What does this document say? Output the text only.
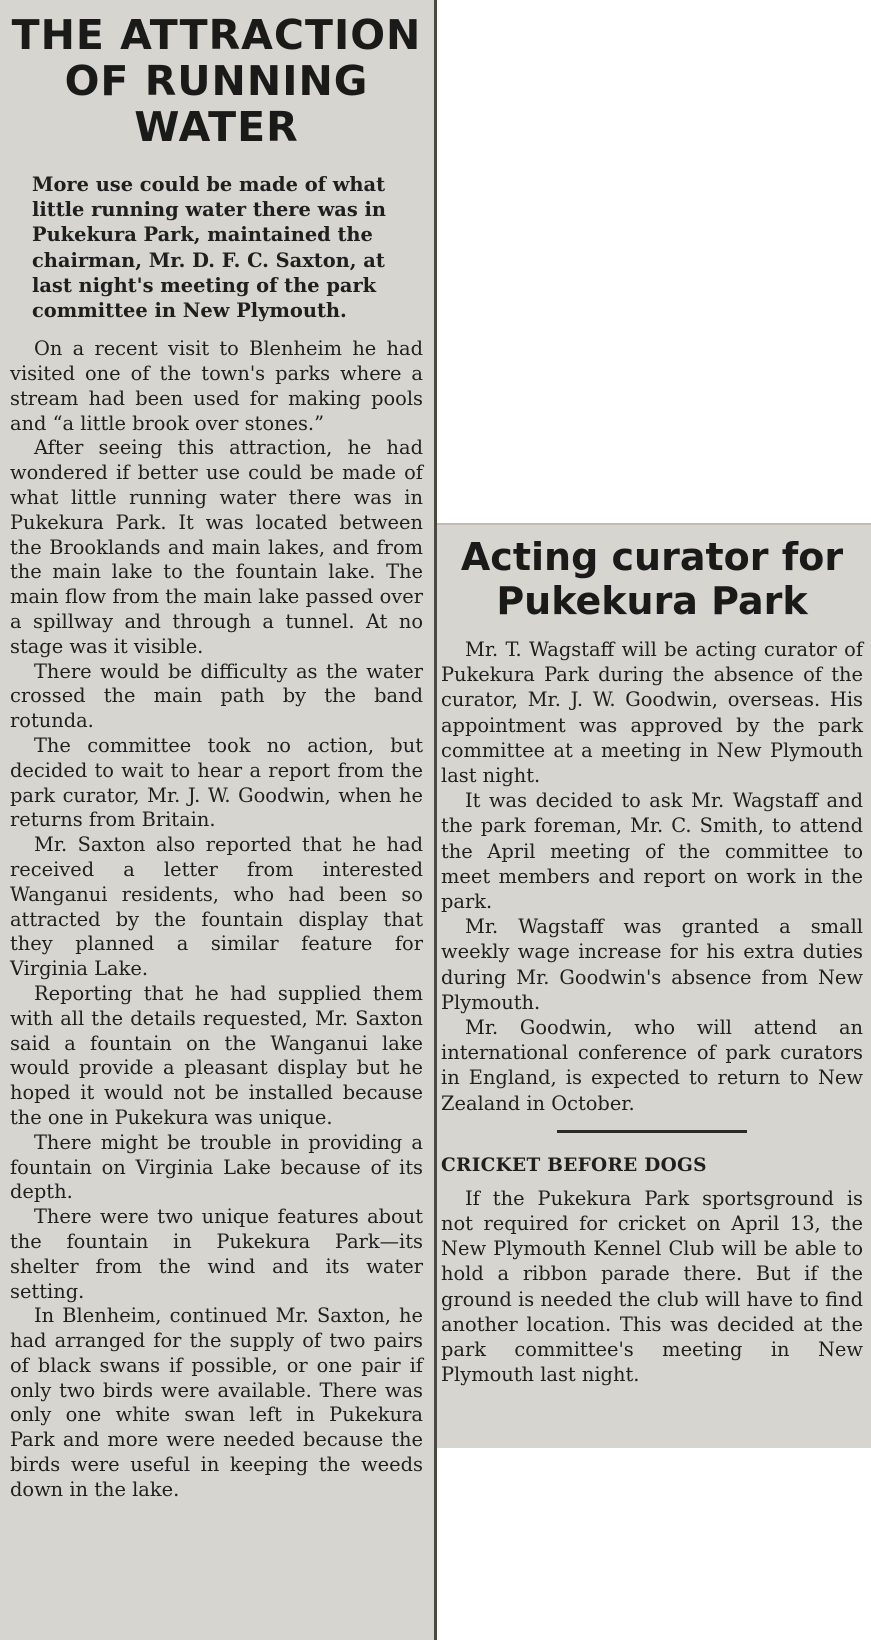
THE ATTRACTION
OF RUNNING
WATER

More use could be made of what little running water there was in Pukekura Park, maintained the chairman, Mr. D. F. C. Saxton, at last night's meeting of the park committee in New Plymouth.

On a recent visit to Blenheim he had visited one of the town's parks where a stream had been used for making pools and “a little brook over stones.”

After seeing this attraction, he had wondered if better use could be made of what little running water there was in Pukekura Park. It was located between the Brooklands and main lakes, and from the main lake to the fountain lake. The main flow from the main lake passed over a spillway and through a tunnel. At no stage was it visible.

There would be difficulty as the water crossed the main path by the band rotunda.

The committee took no action, but decided to wait to hear a report from the park curator, Mr. J. W. Goodwin, when he returns from Britain.

Mr. Saxton also reported that he had received a letter from interested Wanganui residents, who had been so attracted by the fountain display that they planned a similar feature for Virginia Lake.

Reporting that he had supplied them with all the details requested, Mr. Saxton said a fountain on the Wanganui lake would provide a pleasant display but he hoped it would not be installed because the one in Pukekura was unique.

There might be trouble in providing a fountain on Virginia Lake because of its depth.

There were two unique features about the fountain in Pukekura Park—its shelter from the wind and its water setting.

In Blenheim, continued Mr. Saxton, he had arranged for the supply of two pairs of black swans if possible, or one pair if only two birds were available. There was only one white swan left in Pukekura Park and more were needed because the birds were useful in keeping the weeds down in the lake.

Acting curator for
Pukekura Park

Mr. T. Wagstaff will be acting curator of Pukekura Park during the absence of the curator, Mr. J. W. Goodwin, overseas. His appointment was approved by the park committee at a meeting in New Plymouth last night.

It was decided to ask Mr. Wagstaff and the park foreman, Mr. C. Smith, to attend the April meeting of the committee to meet members and report on work in the park.

Mr. Wagstaff was granted a small weekly wage increase for his extra duties during Mr. Goodwin's absence from New Plymouth.

Mr. Goodwin, who will attend an international conference of park curators in England, is expected to return to New Zealand in October.

CRICKET BEFORE DOGS

If the Pukekura Park sportsground is not required for cricket on April 13, the New Plymouth Kennel Club will be able to hold a ribbon parade there. But if the ground is needed the club will have to find another location. This was decided at the park committee's meeting in New Plymouth last night.
